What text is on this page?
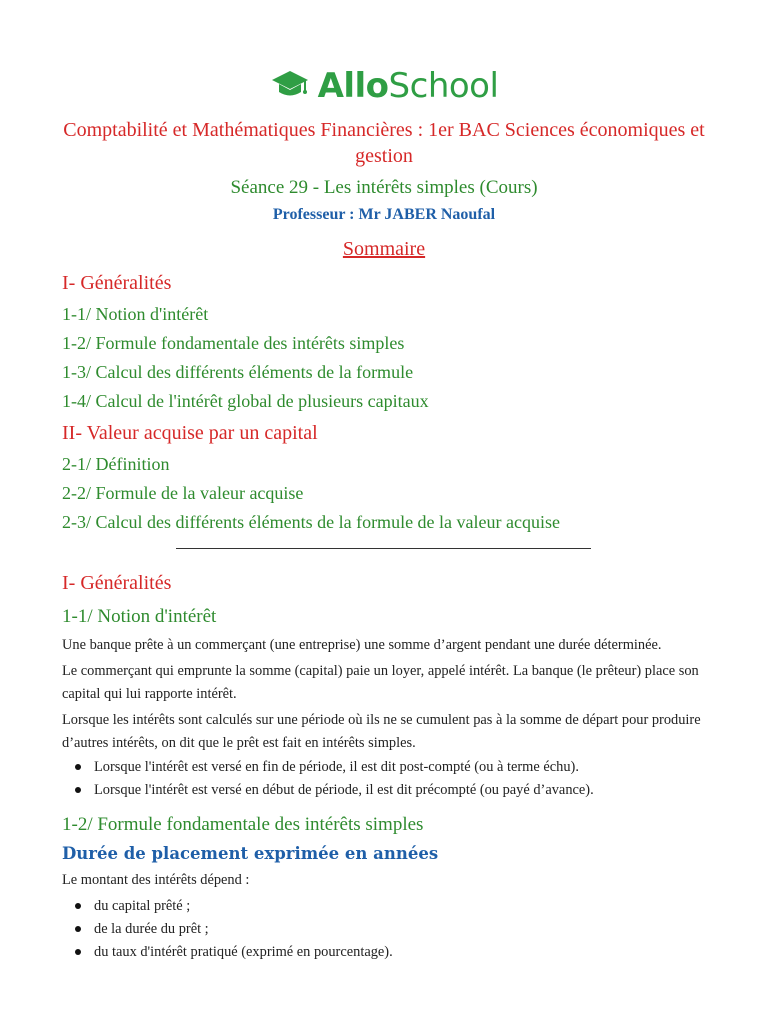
AlloSchool
Comptabilité et Mathématiques Financières : 1er BAC Sciences économiques et gestion
Séance 29 - Les intérêts simples (Cours)
Professeur : Mr JABER Naoufal
Sommaire
I- Généralités
1-1/ Notion d'intérêt
1-2/ Formule fondamentale des intérêts simples
1-3/ Calcul des différents éléments de la formule
1-4/ Calcul de l'intérêt global de plusieurs capitaux
II- Valeur acquise par un capital
2-1/ Définition
2-2/ Formule de la valeur acquise
2-3/ Calcul des différents éléments de la formule de la valeur acquise
I- Généralités
1-1/ Notion d'intérêt

Une banque prête à un commerçant (une entreprise) une somme d’argent pendant une durée déterminée.

Le commerçant qui emprunte la somme (capital) paie un loyer, appelé intérêt. La banque (le prêteur) place son capital qui lui rapporte intérêt.

Lorsque les intérêts sont calculés sur une période où ils ne se cumulent pas à la somme de départ pour produire d’autres intérêts, on dit que le prêt est fait en intérêts simples.

Lorsque l'intérêt est versé en fin de période, il est dit post-compté (ou à terme échu).
Lorsque l'intérêt est versé en début de période, il est dit précompté (ou payé d’avance).
1-2/ Formule fondamentale des intérêts simples
Durée de placement exprimée en années

Le montant des intérêts dépend :

du capital prêté ;
de la durée du prêt ;
du taux d'intérêt pratiqué (exprimé en pourcentage).
